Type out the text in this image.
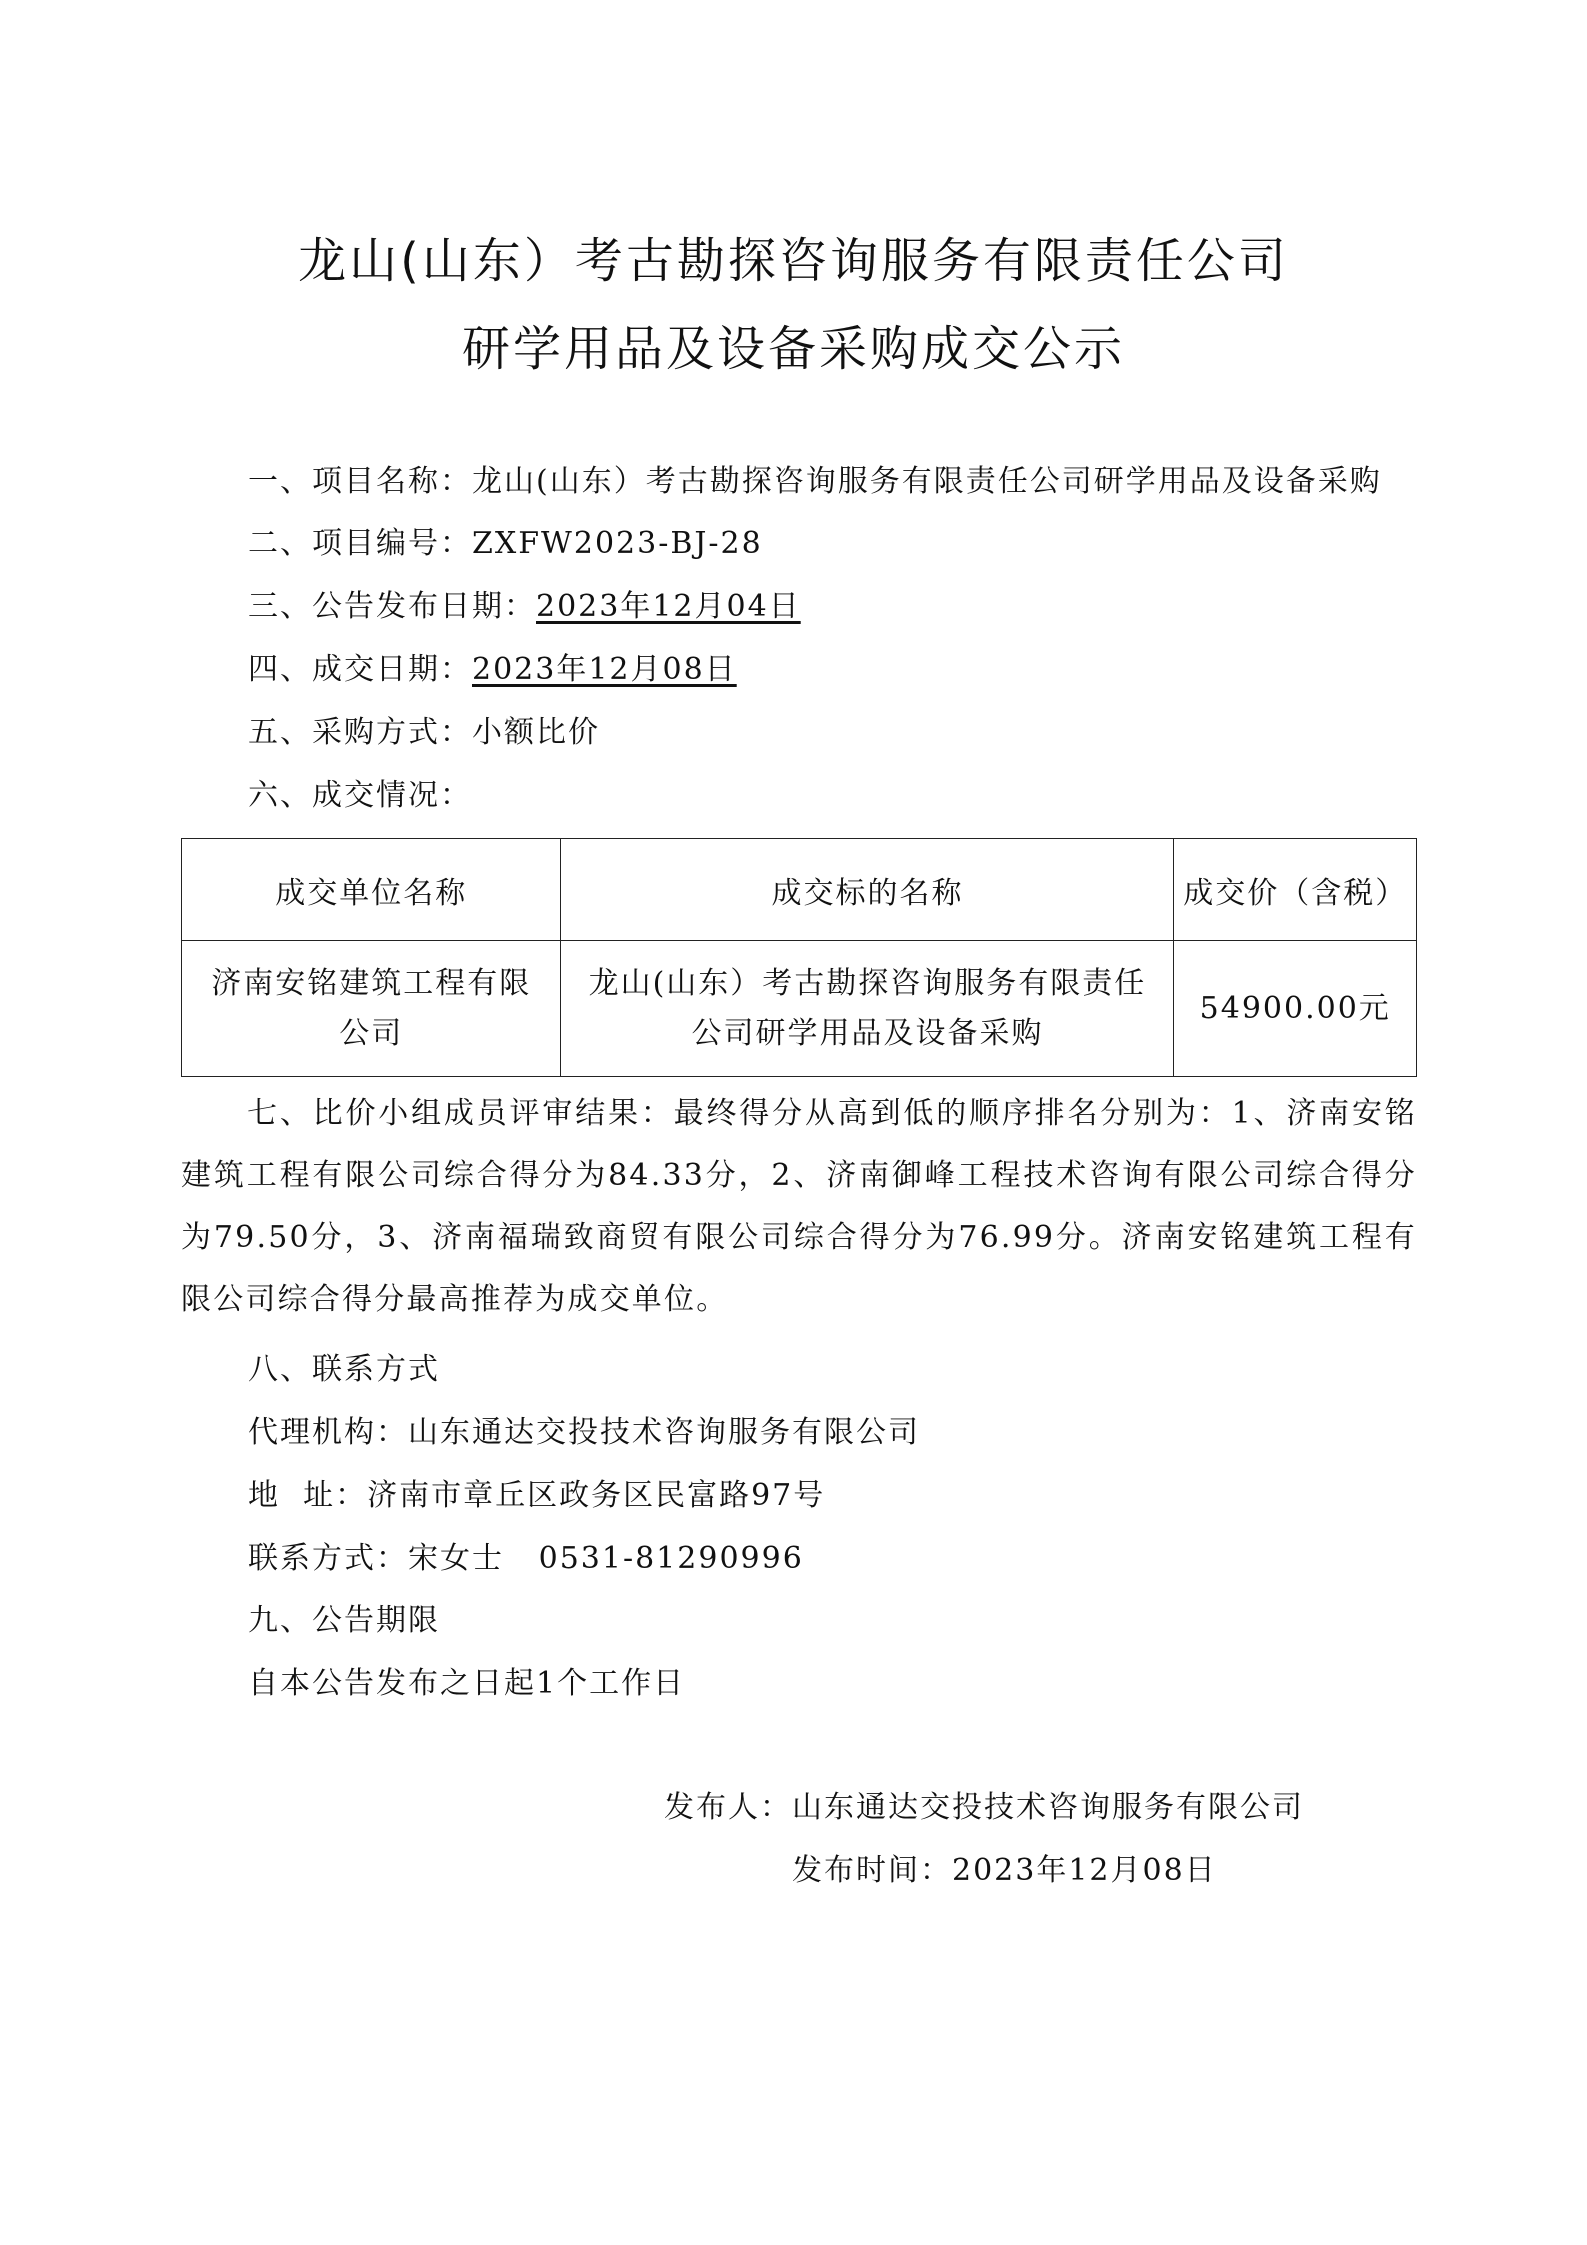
龙山(山东）考古勘探咨询服务有限责任公司
研学用品及设备采购成交公示
一、项目名称：龙山(山东）考古勘探咨询服务有限责任公司研学用品及设备采购
二、项目编号：ZXFW2023-BJ-28
三、公告发布日期：2023年12月04日
四、成交日期：2023年12月08日
五、采购方式：小额比价
六、成交情况：
成交单位名称	成交标的名称	成交价（含税）
济南安铭建筑工程有限公司	龙山(山东）考古勘探咨询服务有限责任公司研学用品及设备采购	54900.00元
七、比价小组成员评审结果：最终得分从高到低的顺序排名分别为：1、济南安铭建筑工程有限公司综合得分为84.33分，2、济南御峰工程技术咨询有限公司综合得分为79.50分，3、济南福瑞致商贸有限公司综合得分为76.99分。济南安铭建筑工程有限公司综合得分最高推荐为成交单位。
八、联系方式
代理机构：山东通达交投技术咨询服务有限公司
地  址：济南市章丘区政务区民富路97号
联系方式：宋女士   0531-81290996
九、公告期限
自本公告发布之日起1个工作日
发布人：山东通达交投技术咨询服务有限公司
发布时间：2023年12月08日
